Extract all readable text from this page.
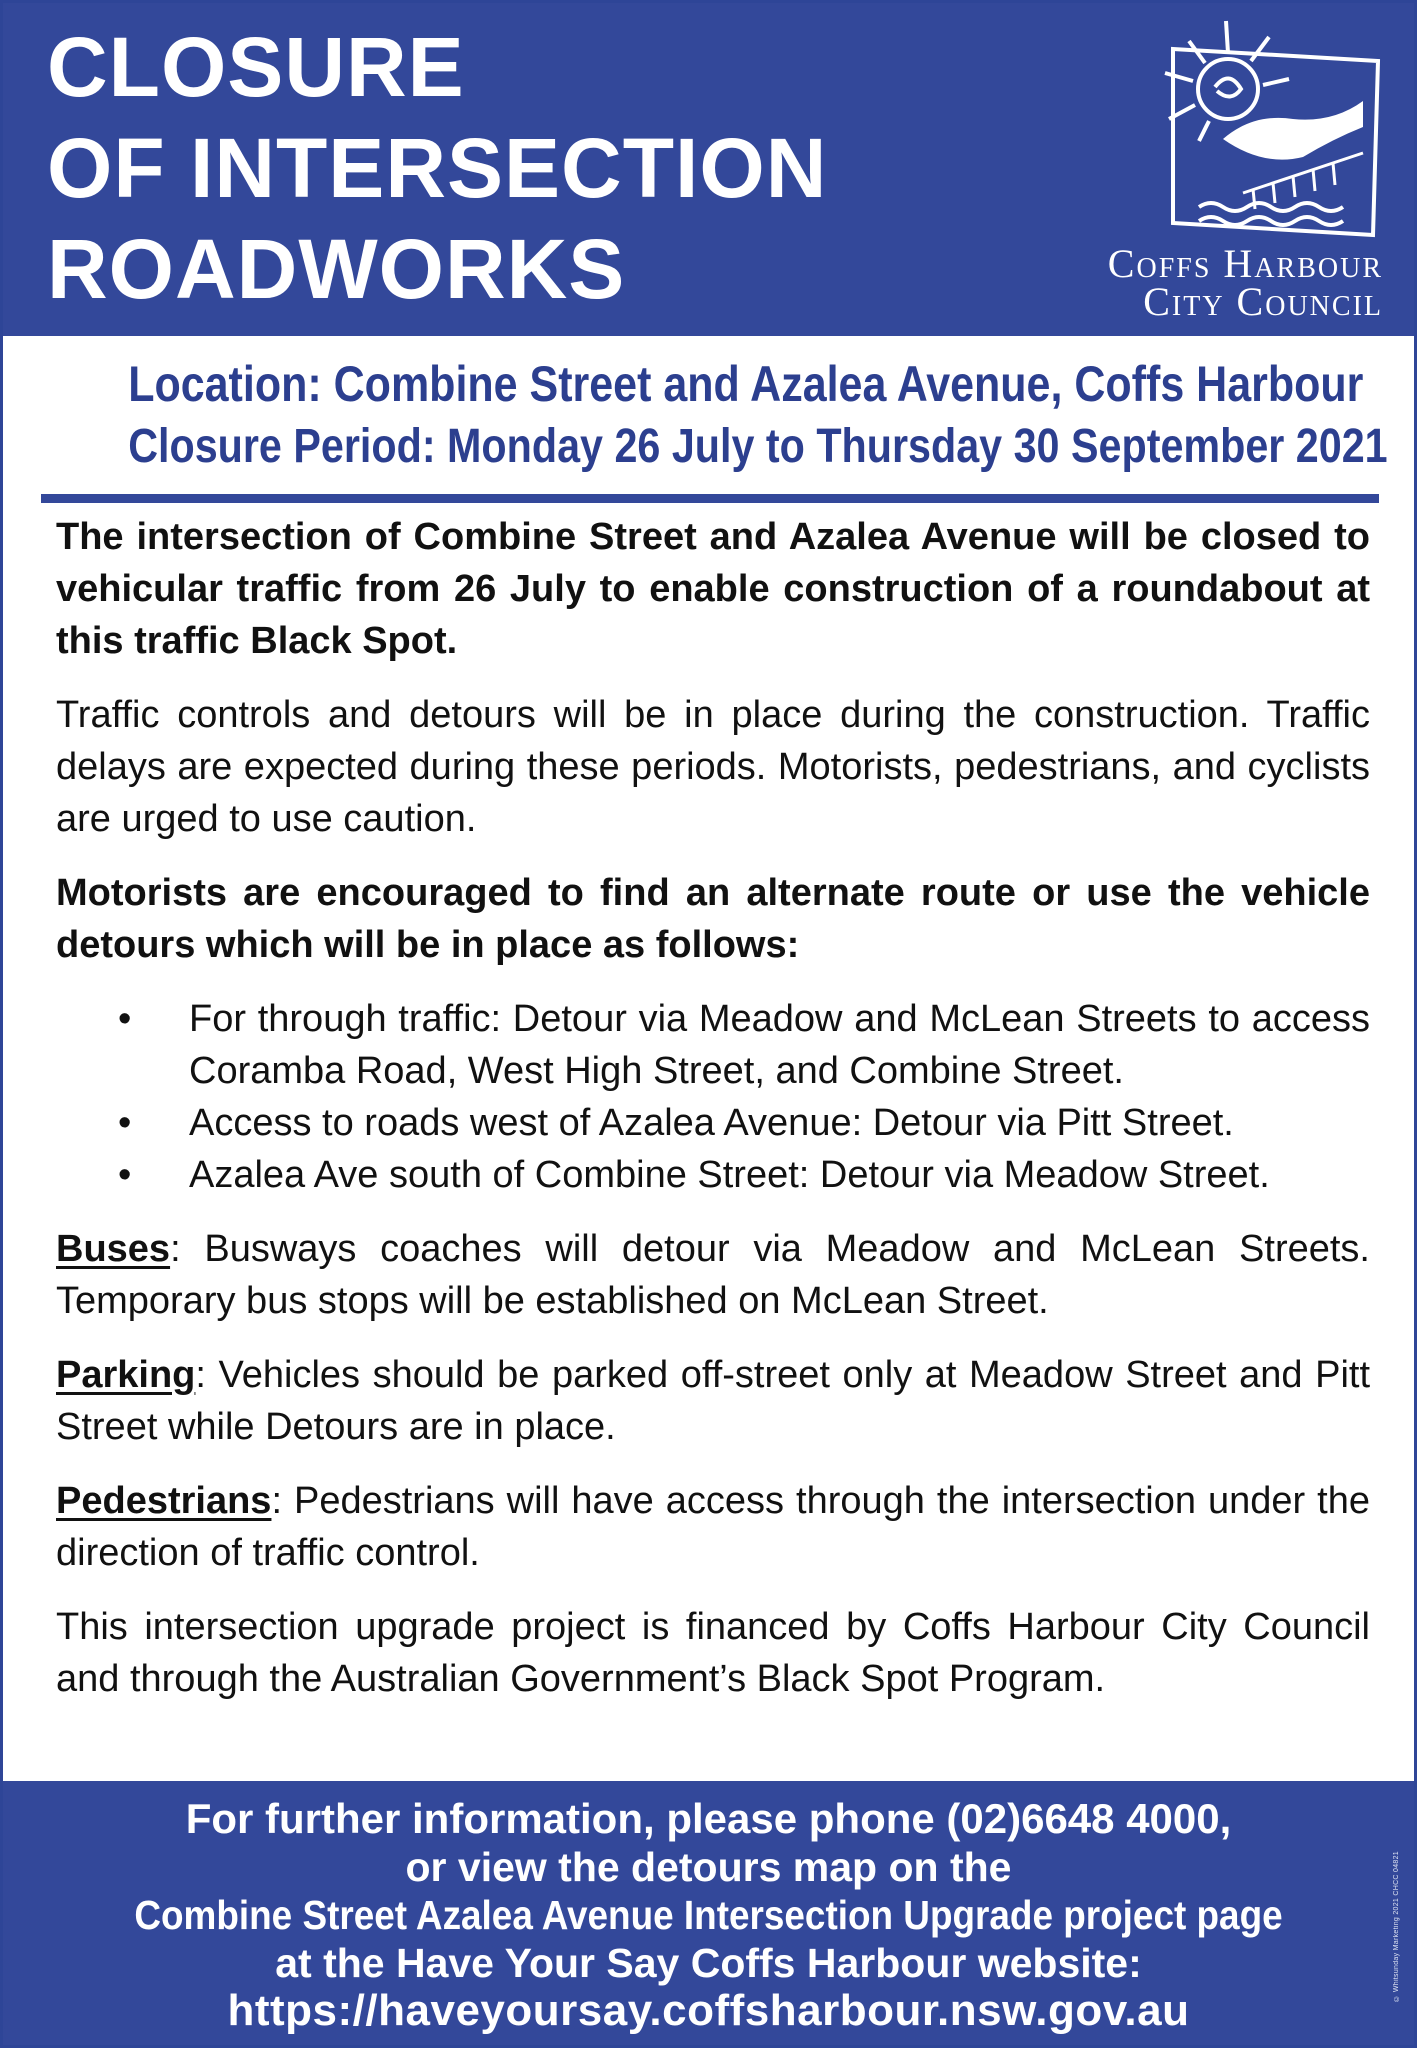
CLOSURE
OF INTERSECTION
ROADWORKS	Coffs Harbour
City Council
Location: Combine Street and Azalea Avenue, Coffs Harbour
Closure Period: Monday 26 July to Thursday 30 September 2021

The intersection of Combine Street and Azalea Avenue will be closed to vehicular traffic from 26 July to enable construction of a roundabout at this traffic Black Spot.

Traffic controls and detours will be in place during the construction. Traffic delays are expected during these periods. Motorists, pedestrians, and cyclists are urged to use caution.

Motorists are encouraged to find an alternate route or use the vehicle detours which will be in place as follows:

• For through traffic: Detour via Meadow and McLean Streets to access Coramba Road, West High Street, and Combine Street.
• Access to roads west of Azalea Avenue: Detour via Pitt Street.
• Azalea Ave south of Combine Street: Detour via Meadow Street.

Buses: Busways coaches will detour via Meadow and McLean Streets. Temporary bus stops will be established on McLean Street.

Parking: Vehicles should be parked off-street only at Meadow Street and Pitt Street while Detours are in place.

Pedestrians: Pedestrians will have access through the intersection under the direction of traffic control.

This intersection upgrade project is financed by Coffs Harbour City Council and through the Australian Government’s Black Spot Program.

For further information, please phone (02)6648 4000,
or view the detours map on the
Combine Street Azalea Avenue Intersection Upgrade project page
at the Have Your Say Coffs Harbour website:
https://haveyoursay.coffsharbour.nsw.gov.au
© Whitsunday Marketing 2021 CHCC 04821
